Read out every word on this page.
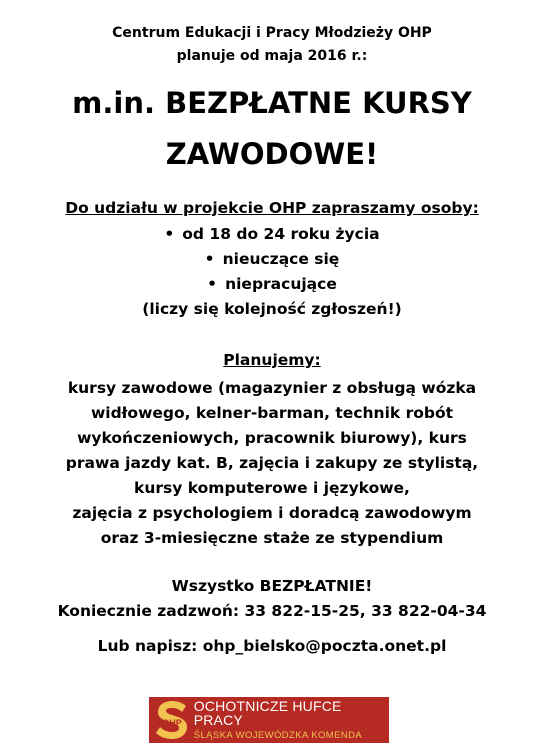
Centrum Edukacji i Pracy Młodzieży OHP
planuje od maja 2016 r.:
m.in. BEZPŁATNE KURSY
ZAWODOWE!
Do udziału w projekcie OHP zapraszamy osoby:
• od 18 do 24 roku życia
• nieuczące się
• niepracujące
(liczy się kolejność zgłoszeń!)
Planujemy:
kursy zawodowe (magazynier z obsługą wózka
widłowego, kelner-barman, technik robót
wykończeniowych, pracownik biurowy), kurs
prawa jazdy kat. B, zajęcia i zakupy ze stylistą,
kursy komputerowe i językowe,
zajęcia z psychologiem i doradcą zawodowym
oraz 3-miesięczne staże ze stypendium
Wszystko BEZPŁATNIE!
Koniecznie zadzwoń: 33 822-15-25, 33 822-04-34
Lub napisz: ohp_bielsko@poczta.onet.pl
OHP
OCHOTNICZE HUFCE PRACY
ŚLĄSKA WOJEWÓDZKA KOMENDA
